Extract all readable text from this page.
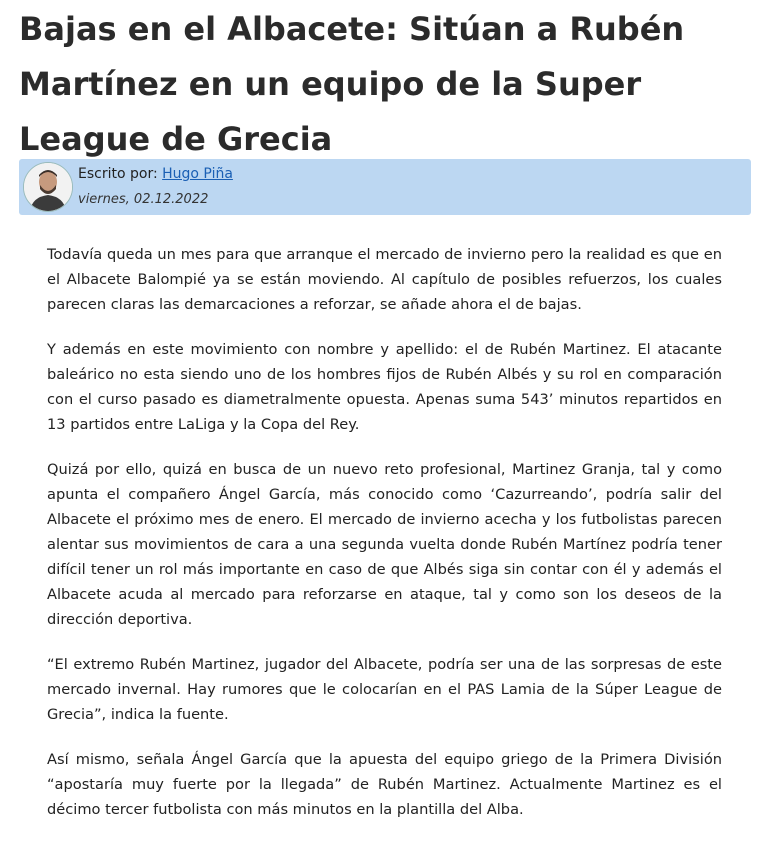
Bajas en el Albacete: Sitúan a Rubén Martínez en un equipo de la Super League de Grecia
Escrito por: Hugo Piña
viernes, 02.12.2022

Todavía queda un mes para que arranque el mercado de invierno pero la realidad es que en el Albacete Balompié ya se están moviendo. Al capítulo de posibles refuerzos, los cuales parecen claras las demarcaciones a reforzar, se añade ahora el de bajas.

Y además en este movimiento con nombre y apellido: el de Rubén Martinez. El atacante baleárico no esta siendo uno de los hombres fijos de Rubén Albés y su rol en comparación con el curso pasado es diametralmente opuesta. Apenas suma 543’ minutos repartidos en 13 partidos entre LaLiga y la Copa del Rey.

Quizá por ello, quizá en busca de un nuevo reto profesional, Martinez Granja, tal y como apunta el compañero Ángel García, más conocido como ‘Cazurreando’, podría salir del Albacete el próximo mes de enero. El mercado de invierno acecha y los futbolistas parecen alentar sus movimientos de cara a una segunda vuelta donde Rubén Martínez podría tener difícil tener un rol más importante en caso de que Albés siga sin contar con él y además el Albacete acuda al mercado para reforzarse en ataque, tal y como son los deseos de la dirección deportiva.

“El extremo Rubén Martinez, jugador del Albacete, podría ser una de las sorpresas de este mercado invernal. Hay rumores que le colocarían en el PAS Lamia de la Súper League de Grecia”, indica la fuente.

Así mismo, señala Ángel García que la apuesta del equipo griego de la Primera División “apostaría muy fuerte por la llegada” de Rubén Martinez. Actualmente Martinez es el décimo tercer futbolista con más minutos en la plantilla del Alba.
